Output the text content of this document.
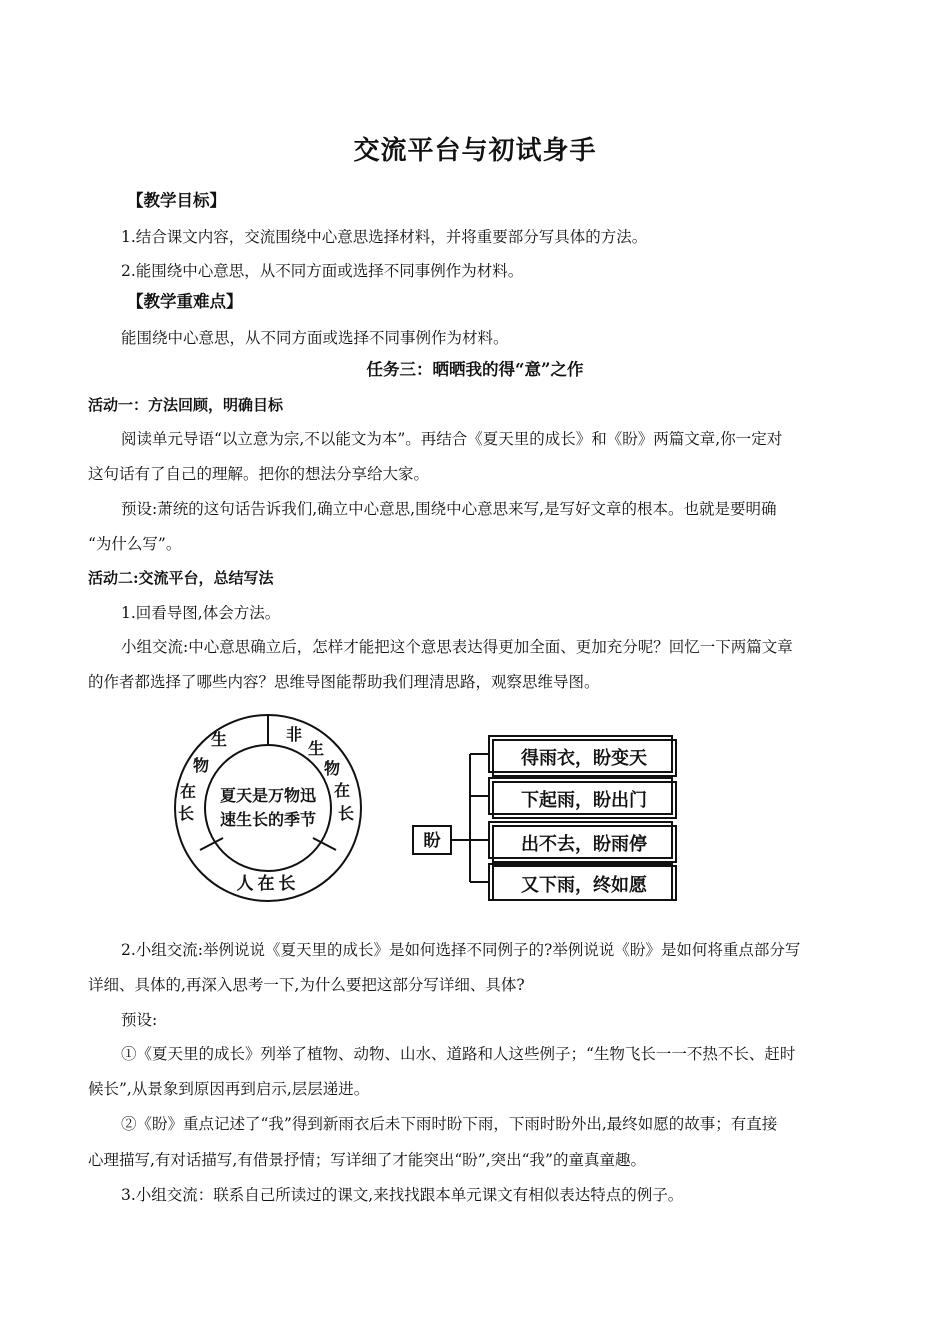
交流平台与初试身手
【教学目标】
1.结合课文内容，交流围绕中心意思选择材料，并将重要部分写具体的方法。
2.能围绕中心意思，从不同方面或选择不同事例作为材料。
【教学重难点】
能围绕中心意思，从不同方面或选择不同事例作为材料。
任务三：晒晒我的得“意”之作
活动一：方法回顾，明确目标
阅读单元导语“以立意为宗,不以能文为本”。再结合《夏天里的成长》和《盼》两篇文章,你一定对
这句话有了自己的理解。把你的想法分享给大家。
预设:萧统的这句话告诉我们,确立中心意思,围绕中心意思来写,是写好文章的根本。也就是要明确
“为什么写”。
活动二:交流平台，总结写法
1.回看导图,体会方法。
小组交流:中心意思确立后，怎样才能把这个意思表达得更加全面、更加充分呢？回忆一下两篇文章
的作者都选择了哪些内容？思维导图能帮助我们理清思路，观察思维导图。
夏天是万物迅
速生长的季节
生
物
在
长
非
生
物
在
长
人在长
盼
得雨衣，盼变天
下起雨，盼出门
出不去，盼雨停
又下雨，终如愿
2.小组交流:举例说说《夏天里的成长》是如何选择不同例子的?举例说说《盼》是如何将重点部分写
详细、具体的,再深入思考一下,为什么要把这部分写详细、具体?
预设:
①《夏天里的成长》列举了植物、动物、山水、道路和人这些例子；“生物飞长一一不热不长、赶时
候长”,从景象到原因再到启示,层层递进。
②《盼》重点记述了“我”得到新雨衣后未下雨时盼下雨，下雨时盼外出,最终如愿的故事；有直接
心理描写,有对话描写,有借景抒情；写详细了才能突出“盼”,突出“我”的童真童趣。
3.小组交流：联系自己所读过的课文,来找找跟本单元课文有相似表达特点的例子。
